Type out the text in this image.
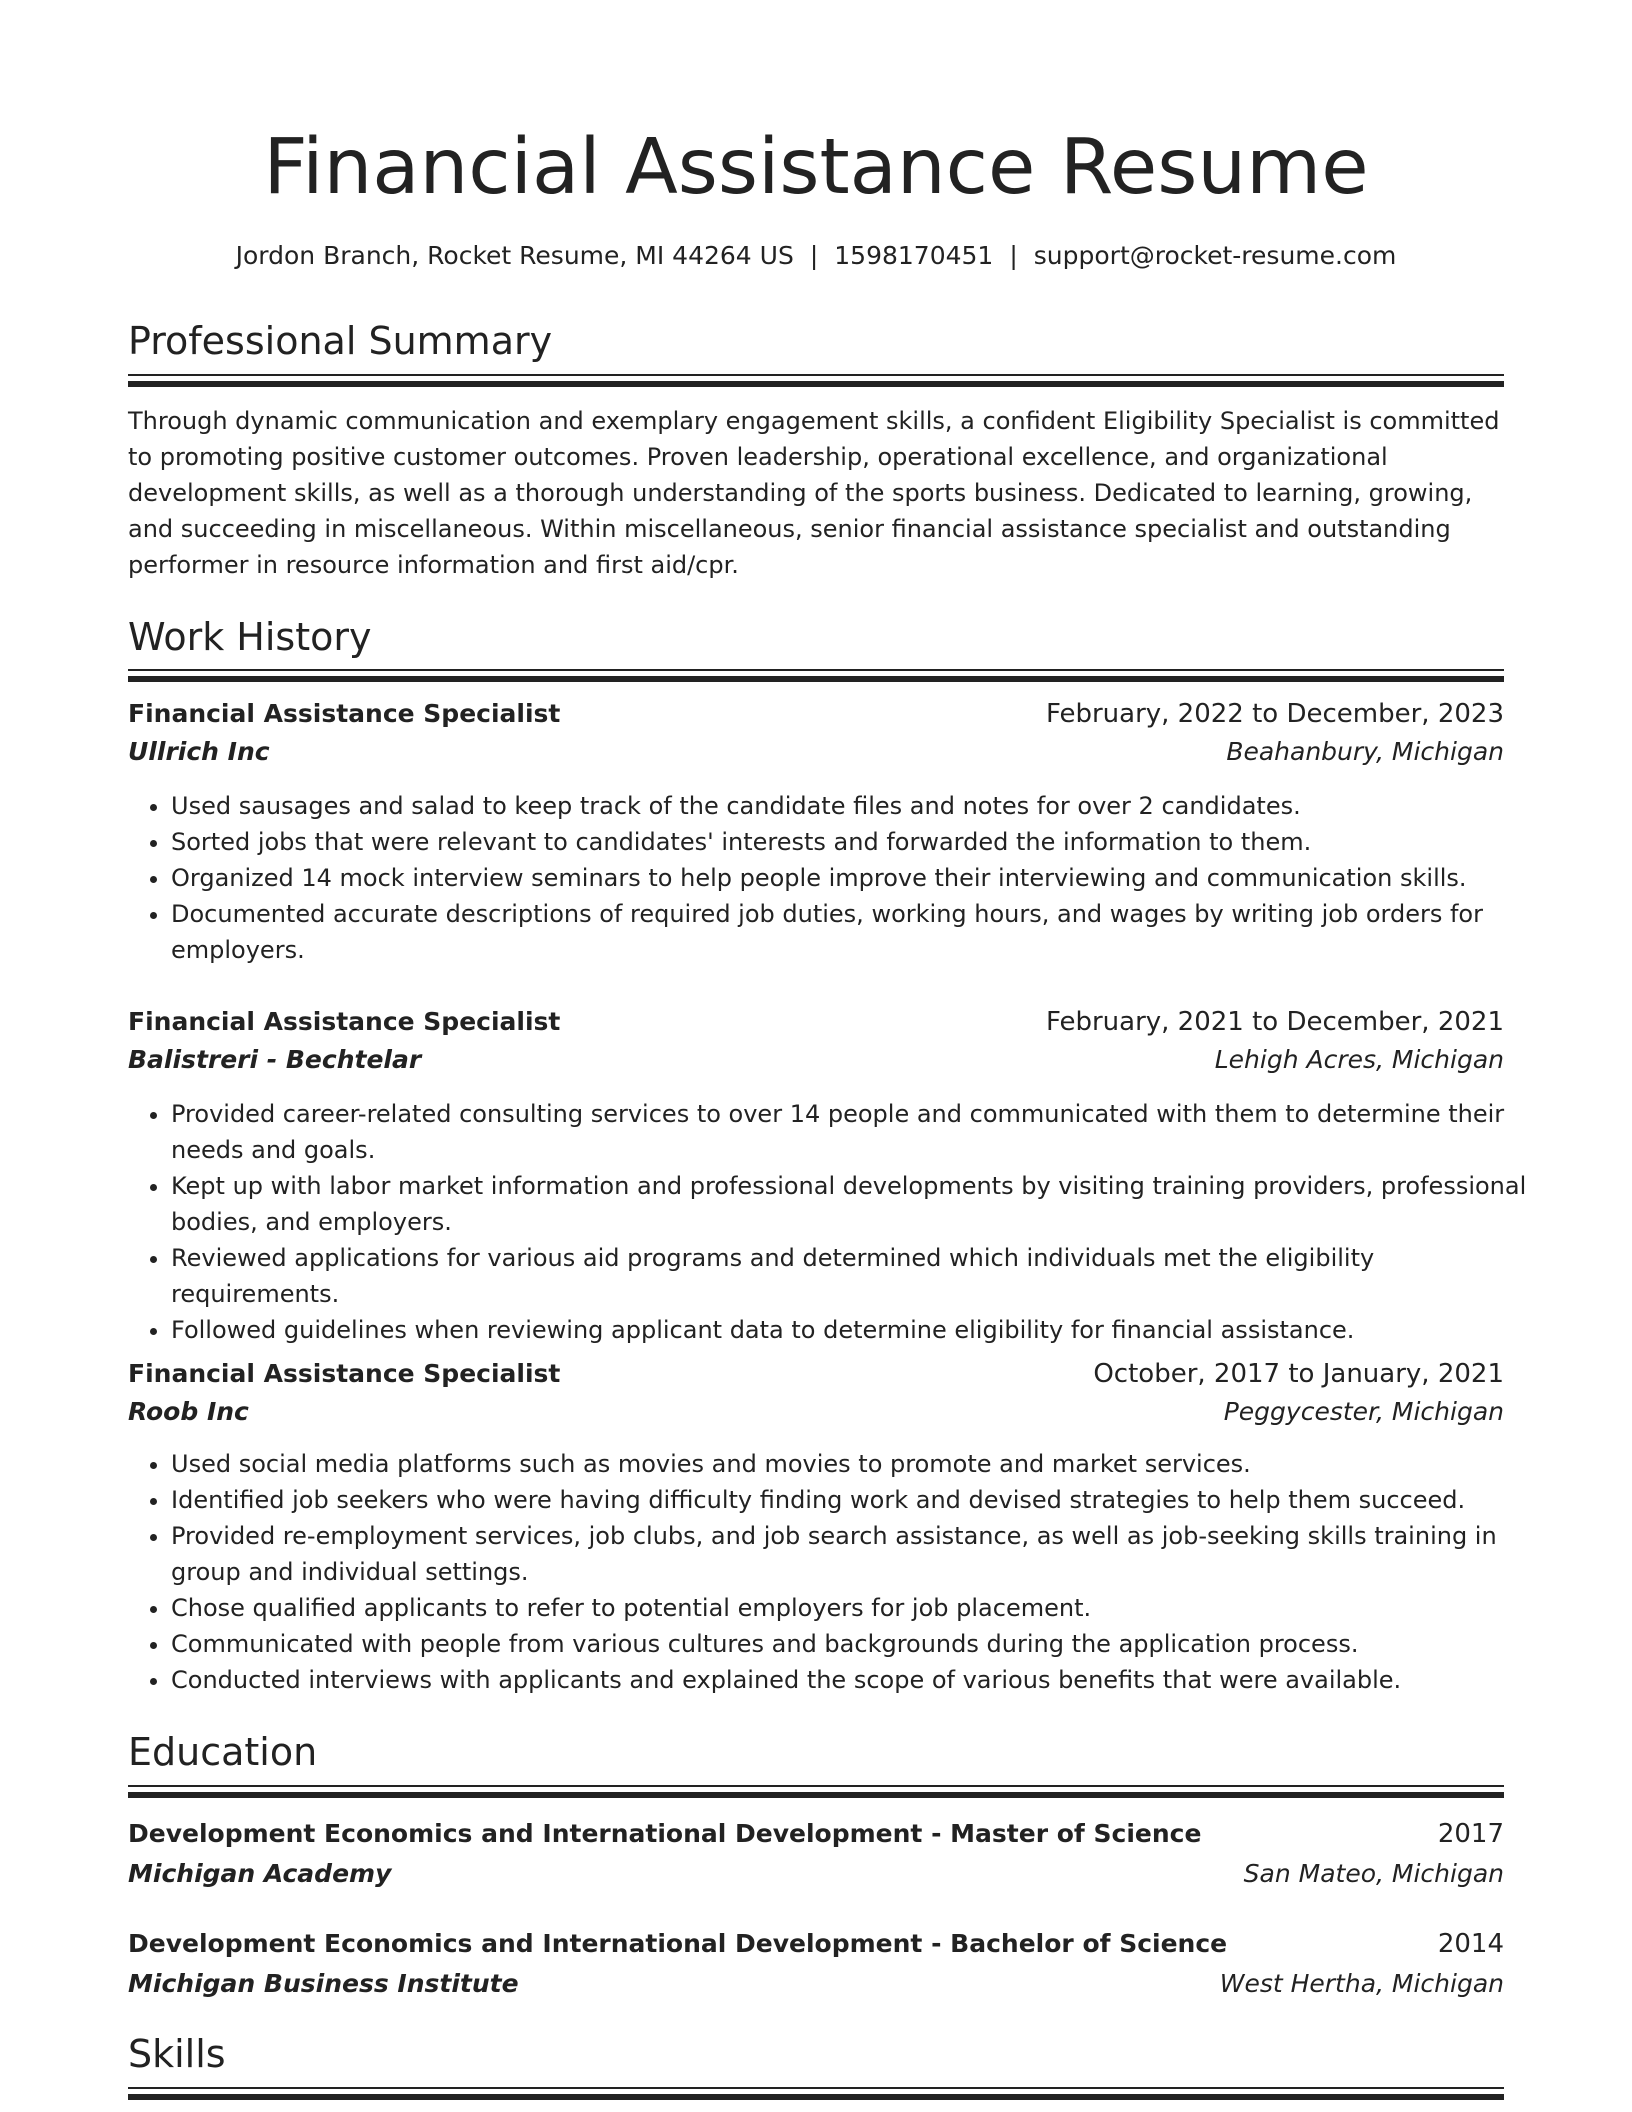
Financial Assistance Resume
Jordon Branch, Rocket Resume, MI 44264 US | 1598170451 | support@rocket-resume.com
Professional Summary

Through dynamic communication and exemplary engagement skills, a confident Eligibility Specialist is committed to promoting positive customer outcomes. Proven leadership, operational excellence, and organizational development skills, as well as a thorough understanding of the sports business. Dedicated to learning, growing, and succeeding in miscellaneous. Within miscellaneous, senior financial assistance specialist and outstanding performer in resource information and first aid/cpr.

Work History
Financial Assistance Specialist	February, 2022 to December, 2023
Ullrich Inc	Beahanbury, Michigan
• Used sausages and salad to keep track of the candidate files and notes for over 2 candidates.
• Sorted jobs that were relevant to candidates' interests and forwarded the information to them.
• Organized 14 mock interview seminars to help people improve their interviewing and communication skills.
• Documented accurate descriptions of required job duties, working hours, and wages by writing job orders for employers.
Financial Assistance Specialist	February, 2021 to December, 2021
Balistreri - Bechtelar	Lehigh Acres, Michigan
• Provided career-related consulting services to over 14 people and communicated with them to determine their needs and goals.
• Kept up with labor market information and professional developments by visiting training providers, professional bodies, and employers.
• Reviewed applications for various aid programs and determined which individuals met the eligibility requirements.
• Followed guidelines when reviewing applicant data to determine eligibility for financial assistance.
Financial Assistance Specialist	October, 2017 to January, 2021
Roob Inc	Peggycester, Michigan
• Used social media platforms such as movies and movies to promote and market services.
• Identified job seekers who were having difficulty finding work and devised strategies to help them succeed.
• Provided re-employment services, job clubs, and job search assistance, as well as job-seeking skills training in group and individual settings.
• Chose qualified applicants to refer to potential employers for job placement.
• Communicated with people from various cultures and backgrounds during the application process.
• Conducted interviews with applicants and explained the scope of various benefits that were available.
Education
Development Economics and International Development - Master of Science	2017
Michigan Academy	San Mateo, Michigan
Development Economics and International Development - Bachelor of Science	2014
Michigan Business Institute	West Hertha, Michigan
Skills
